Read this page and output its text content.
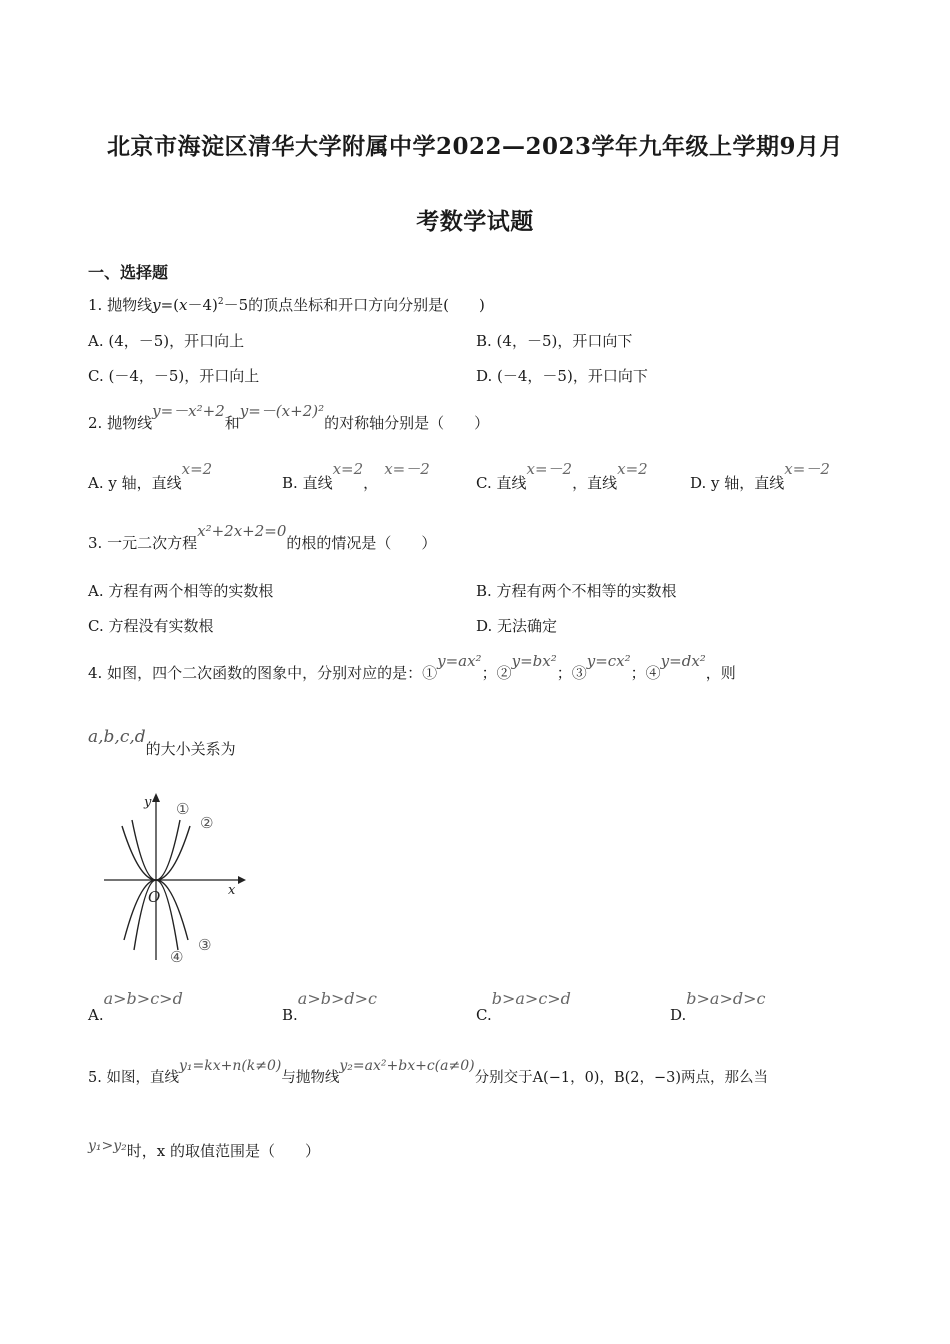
北京市海淀区清华大学附属中学2022—2023学年九年级上学期9月月
考数学试题
一、选择题
1. 抛物线$y=(x-4)^2-5$的顶点坐标和开口方向分别是(　　)
A. (4，－5)，开口向上	B. (4，－5)，开口向下
C. (－4，－5)，开口向上	D. (－4，－5)，开口向下
2. 抛物线y=－x²+2和y=－(x+2)²的对称轴分别是（　　）
A. y 轴，直线x=2
B. 直线x=2，x=－2
C. 直线x=－2，直线x=2
D. y 轴，直线x=－2
3. 一元二次方程x²+2x+2=0的根的情况是（　　）
A. 方程有两个相等的实数根	B. 方程有两个不相等的实数根
C. 方程没有实数根	D. 无法确定
4. 如图，四个二次函数的图象中，分别对应的是：①y=ax²；②y=bx²；③y=cx²；④y=dx²，则
a,b,c,d的大小关系为
x
y
O
①
②
③
④
A.a>b>c>d
B.a>b>d>c
C.b>a>c>d
D.b>a>d>c
5. 如图，直线y₁=kx+n(k≠0)与抛物线y₂=ax²+bx+c(a≠0)分别交于A(−1，0)，B(2，−3)两点，那么当
y₁>y₂时，x 的取值范围是（　　）
